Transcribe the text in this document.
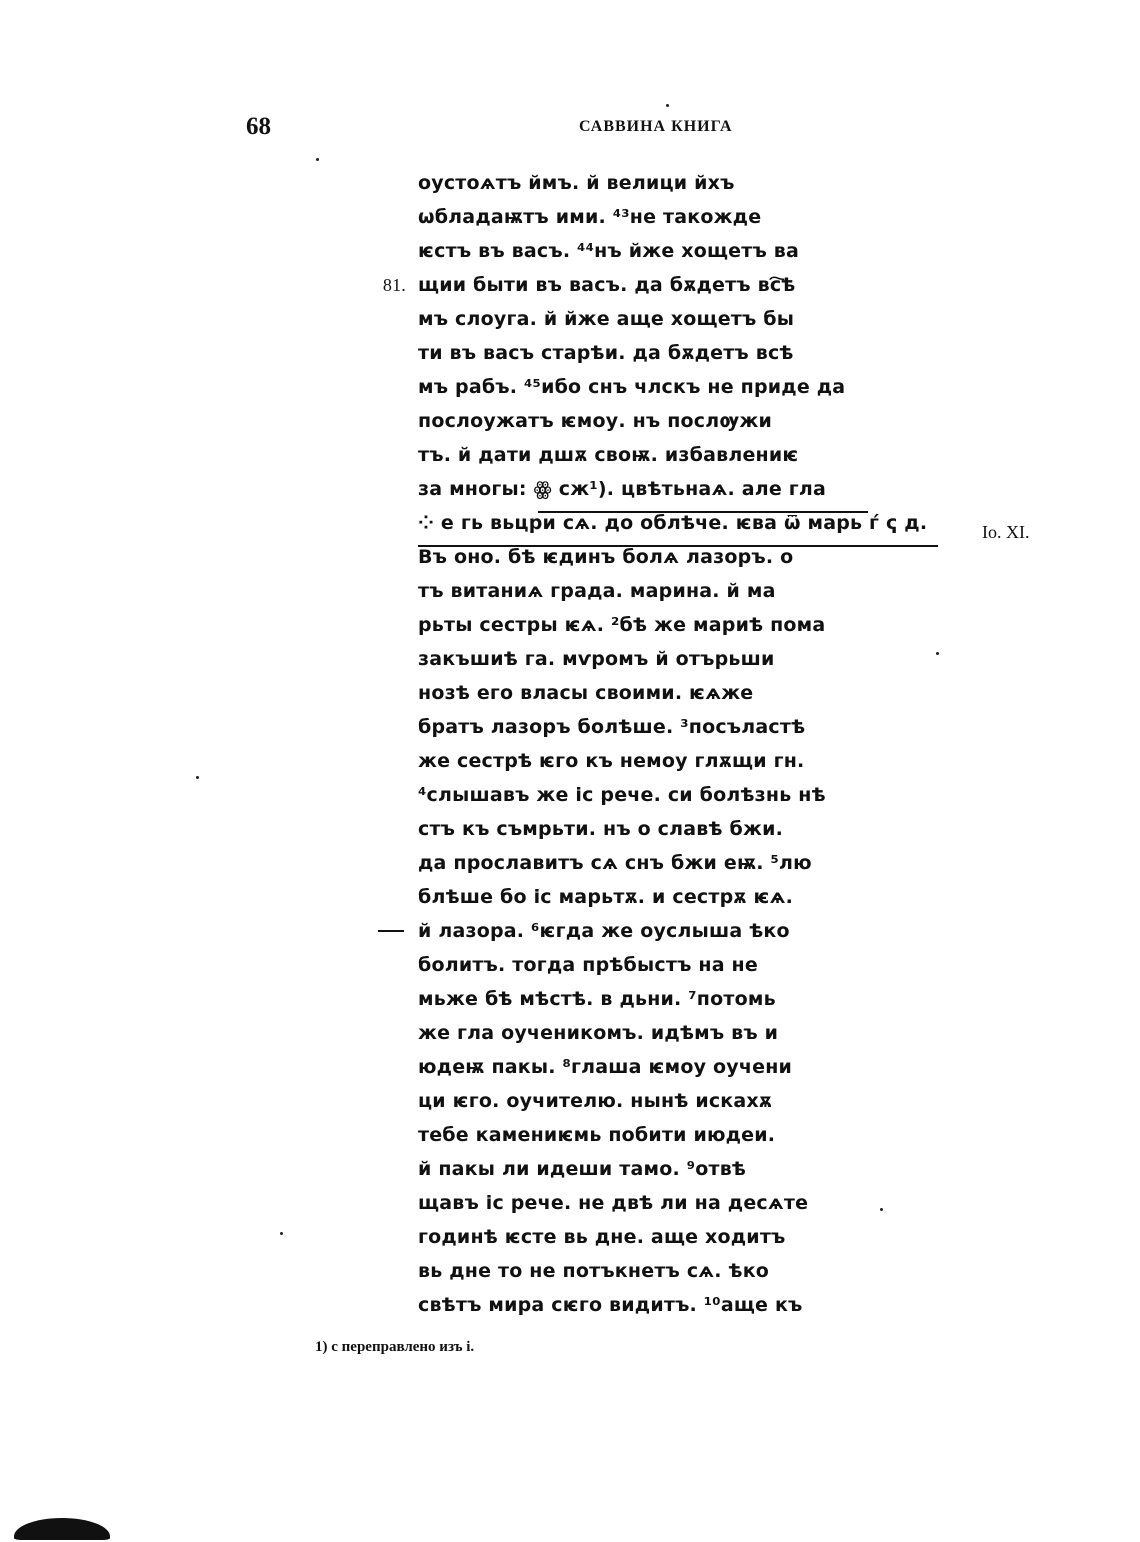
68	САВВИНА КНИГА
Io. XI.
оустоѧтъ ймъ. й велици йхъ
ѡбладаѭтъ ими. ⁴³не такожде
ѥстъ въ васъ. ⁴⁴нъ йже хощетъ ва
81. щии быти въ васъ. да бѫдетъ вс҇ѣ
мъ слоуга. й йже аще хощетъ бы
ти въ васъ старѣи. да бѫдетъ всѣ
мъ рабъ. ⁴⁵ибо снъ члскъ не приде да
послоужатъ ѥмоу. нъ послѹжи
тъ. й дати дшѫ своѭ. избавлениѥ
за многы: ꙮ сж¹). цвѣтьнаѧ. але гла
⁘ е гь вьцри сѧ. до облѣче. ѥва ѿ марь ѓ ҁ д.
Въ оно. бѣ ѥдинъ болѧ лазоръ. о
тъ витаниѧ града. марина. й ма
рьты сестры ѥѧ. ²бѣ же мариѣ пома
закъшиѣ га. мѵромъ й отърьши
нозѣ его власы своими. ѥѧже
братъ лазоръ болѣше. ³посъластѣ
же сестрѣ ѥго къ немоу глѫщи гн.
⁴слышавъ же ic рече. си болѣзнь нѣ
стъ къ съмрьти. нъ о славѣ бжи.
да прославитъ сѧ снъ бжи еѭ. ⁵лю
блѣше бо ic марьтѫ. и сестрѫ ѥѧ.
й лазора. ⁶ѥгда же оуслыша ѣко
болитъ. тогда прѣбыстъ на не
мьже бѣ мѣстѣ. в дьни. ⁷потомь
же гла оученикомъ. идѣмъ въ и
юдеѭ пакы. ⁸глаша ѥмоу оучени
ци ѥго. оучителю. нынѣ искахѫ
тебе камениѥмь побити июдеи.
й пакы ли идеши тамо. ⁹отвѣ
щавъ ic рече. не двѣ ли на десѧте
годинѣ ѥсте вь дне. аще ходитъ
вь дне то не потъкнетъ сѧ. ѣко
свѣтъ мира сѥго видитъ. ¹⁰аще къ
1) с переправлено изъ і.
